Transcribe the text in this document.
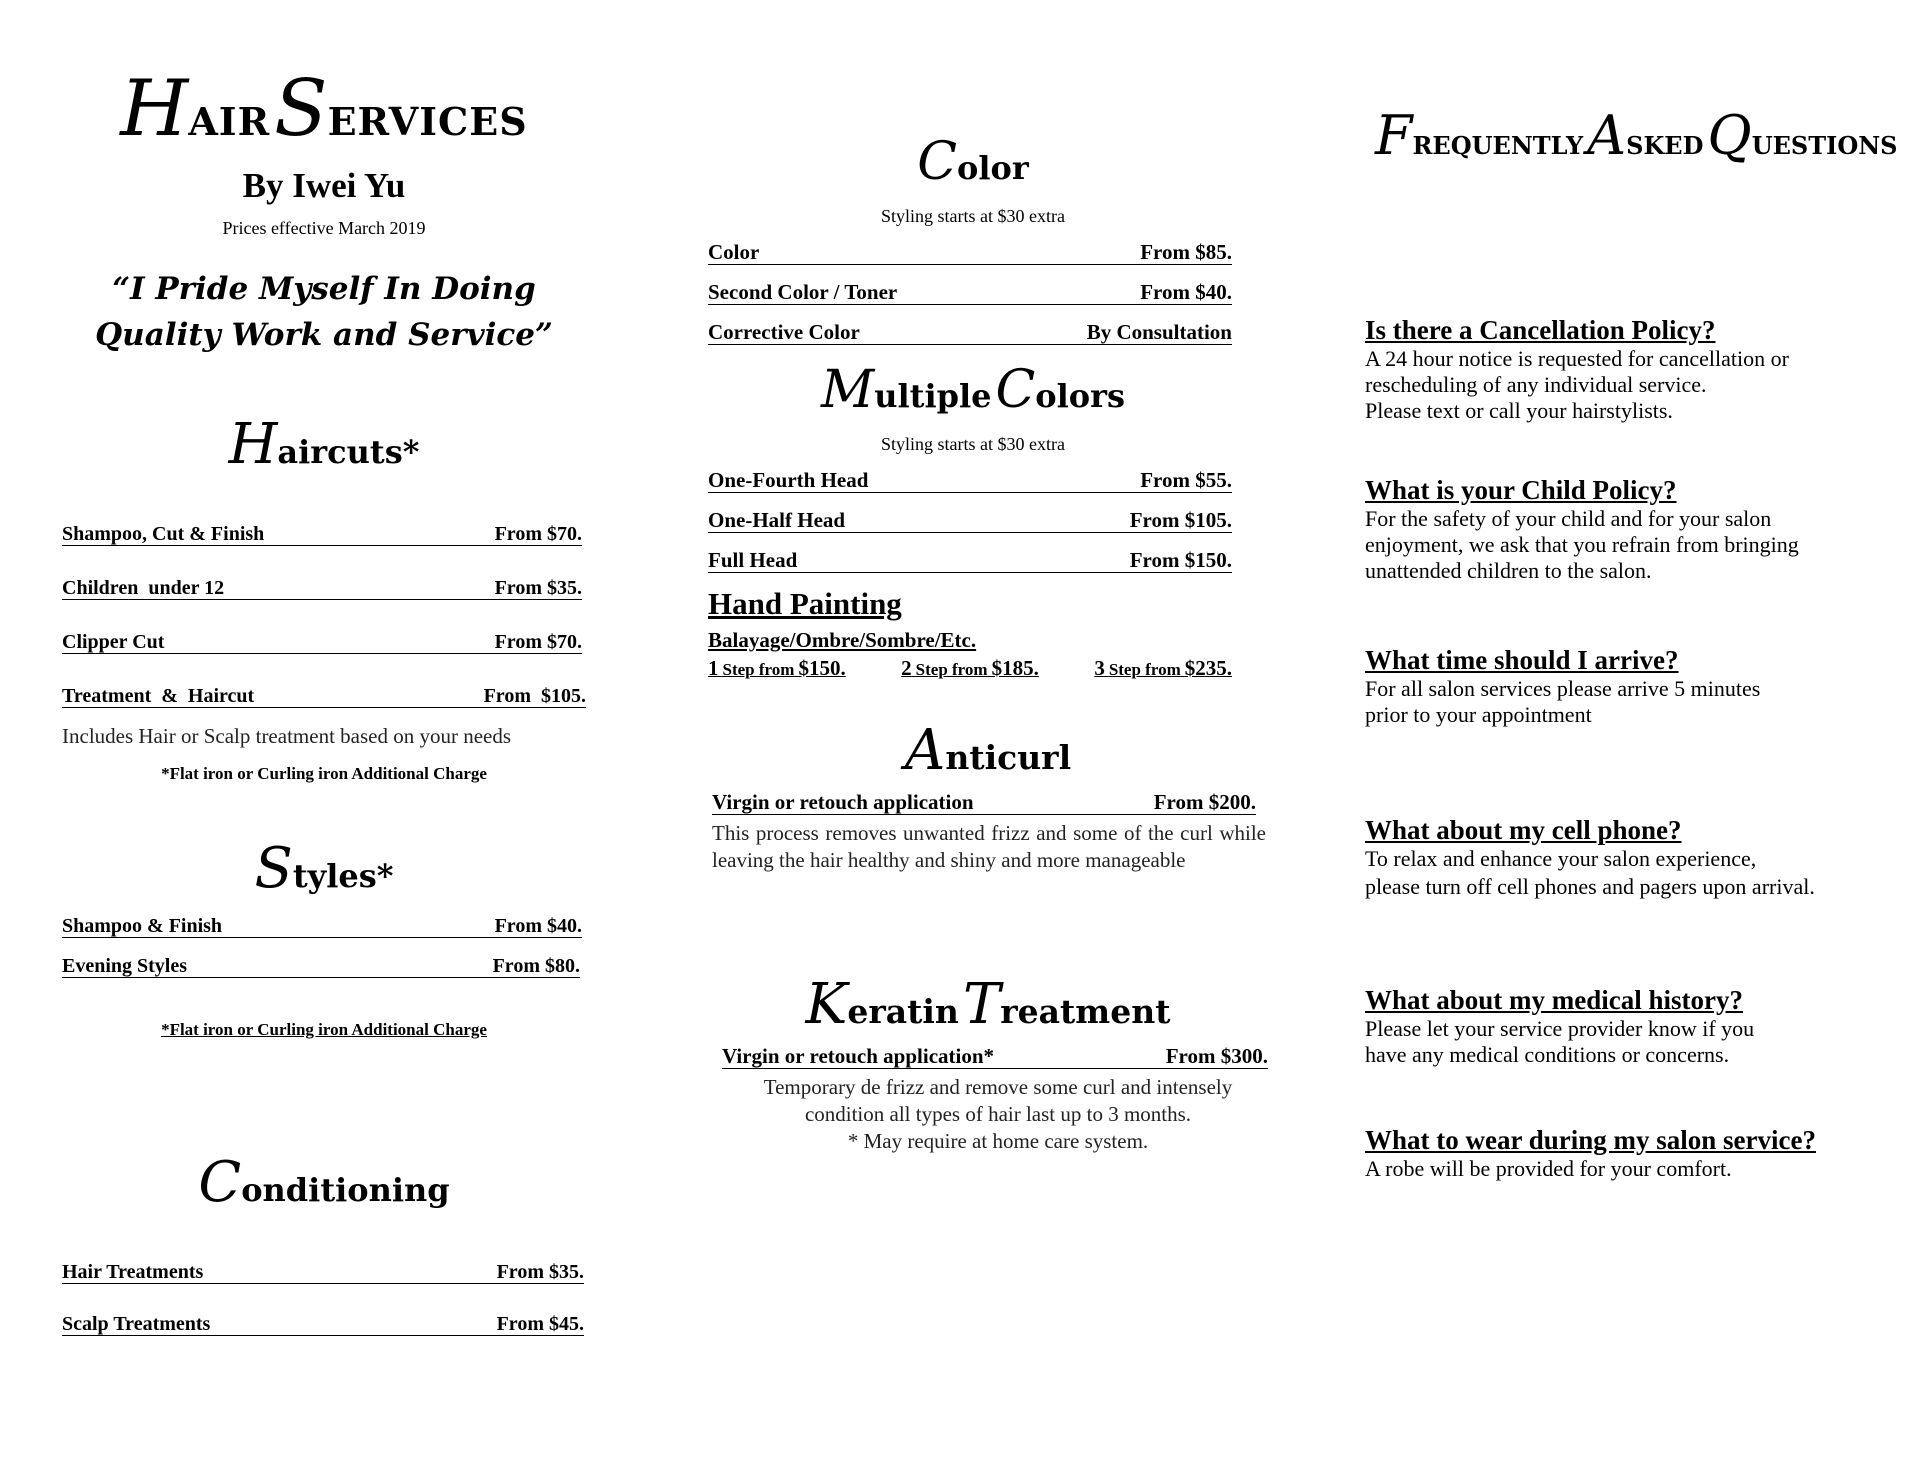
HAIR SERVICES
By Iwei Yu
Prices effective March 2019
“I Pride Myself In Doing
Quality Work and Service”
Haircuts*
Shampoo, Cut & Finish	From $70.
Children  under 12	From $35.
Clipper Cut	From $70.
Treatment  &  Haircut	From  $105.
Includes Hair or Scalp treatment based on your needs
*Flat iron or Curling iron Additional Charge
Styles*
Shampoo & Finish	From $40.
Evening Styles	From $80.
*Flat iron or Curling iron Additional Charge
Conditioning
Hair Treatments	From $35.
Scalp Treatments	From $45.
Color
Styling starts at $30 extra
Color	From $85.
Second Color / Toner	From $40.
Corrective Color	By Consultation
Multiple Colors
Styling starts at $30 extra
One-Fourth Head	From $55.
One-Half Head	From $105.
Full Head	From $150.
Hand Painting
Balayage/Ombre/Sombre/Etc.
1 Step from $150.	2 Step from $185.	3 Step from $235.
Anticurl
Virgin or retouch application	From $200.
This process removes unwanted frizz and some of the curl while leaving the hair healthy and shiny and more manageable
Keratin Treatment
Virgin or retouch application*	From $300.
Temporary de frizz and remove some curl and intensely
condition all types of hair last up to 3 months.
* May require at home care system.
FREQUENTLY ASKED QUESTIONS
Is there a Cancellation Policy?
A 24 hour notice is requested for cancellation or
rescheduling of any individual service.
Please text or call your hairstylists.
What is your Child Policy?
For the safety of your child and for your salon
enjoyment, we ask that you refrain from bringing
unattended children to the salon.
What time should I arrive?
For all salon services please arrive 5 minutes
prior to your appointment
What about my cell phone?
To relax and enhance your salon experience,
please turn off cell phones and pagers upon arrival.
What about my medical history?
Please let your service provider know if you
have any medical conditions or concerns.
What to wear during my salon service?
A robe will be provided for your comfort.
